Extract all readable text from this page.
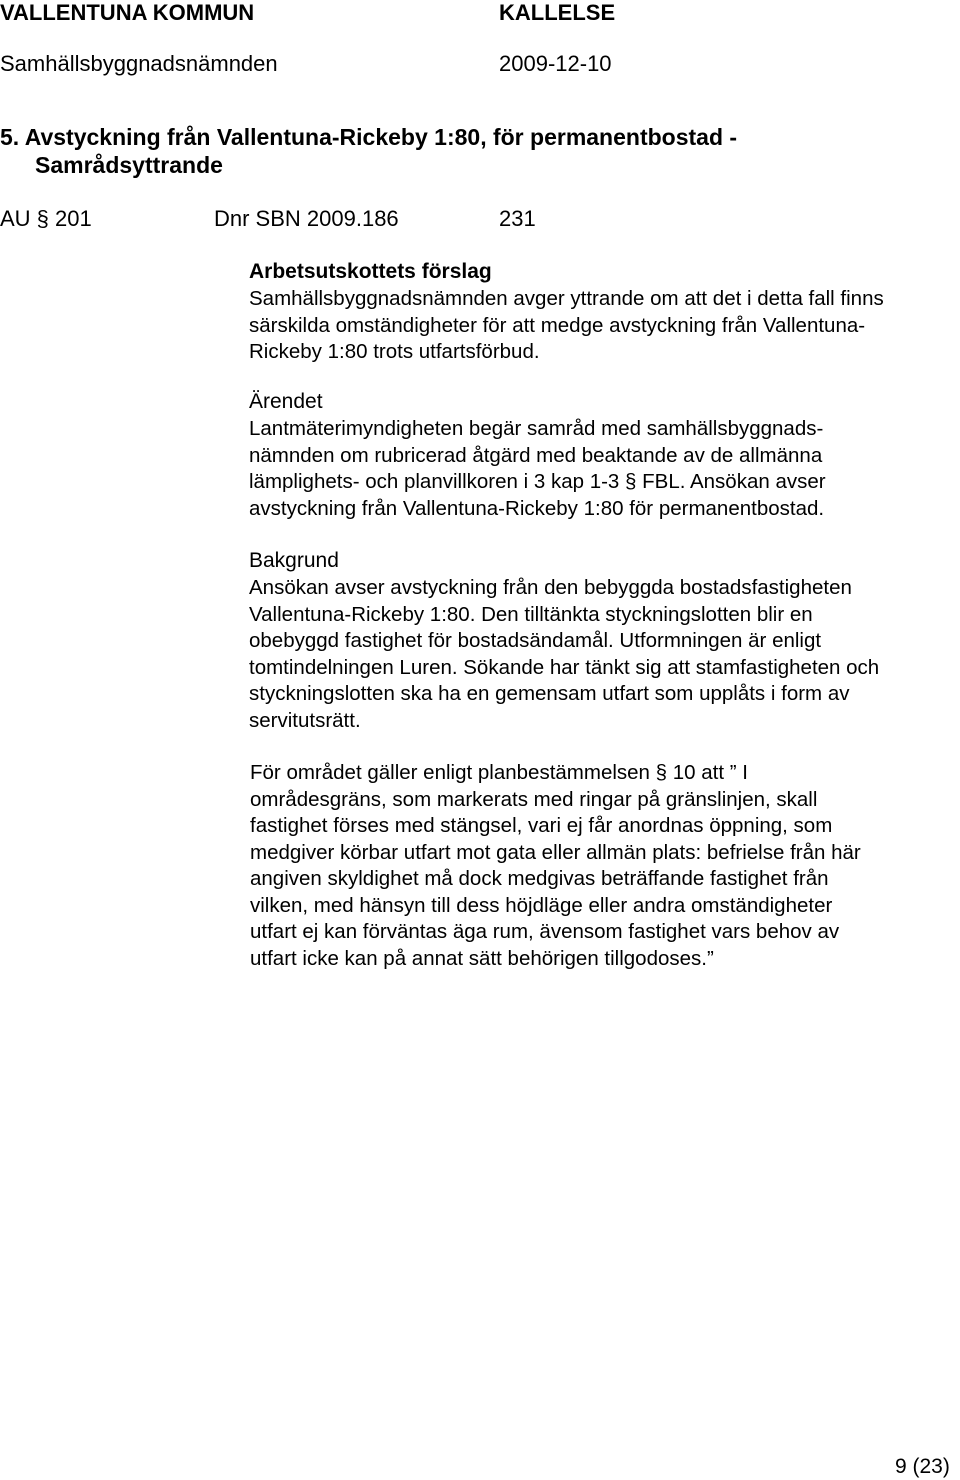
VALLENTUNA KOMMUN	KALLELSE
Samhällsbyggnadsnämnden	2009-12-10
5. Avstyckning från Vallentuna-Rickeby 1:80, för permanentbostad -
Samrådsyttrande
AU § 201	Dnr SBN 2009.186	231

Arbetsutskottets förslag

Samhällsbyggnadsnämnden avger yttrande om att det i detta fall finns
särskilda omständigheter för att medge avstyckning från Vallentuna-
Rickeby 1:80 trots utfartsförbud.

Ärendet

Lantmäterimyndigheten begär samråd med samhällsbyggnads-
nämnden om rubricerad åtgärd med beaktande av de allmänna
lämplighets- och planvillkoren i 3 kap 1-3 § FBL. Ansökan avser
avstyckning från Vallentuna-Rickeby 1:80 för permanentbostad.

Bakgrund

Ansökan avser avstyckning från den bebyggda bostadsfastigheten
Vallentuna-Rickeby 1:80. Den tilltänkta styckningslotten blir en
obebyggd fastighet för bostadsändamål. Utformningen är enligt
tomtindelningen Luren. Sökande har tänkt sig att stamfastigheten och
styckningslotten ska ha en gemensam utfart som upplåts i form av
servitutsrätt.

För området gäller enligt planbestämmelsen § 10 att ” I
områdesgräns, som markerats med ringar på gränslinjen, skall
fastighet förses med stängsel, vari ej får anordnas öppning, som
medgiver körbar utfart mot gata eller allmän plats: befrielse från här
angiven skyldighet må dock medgivas beträffande fastighet från
vilken, med hänsyn till dess höjdläge eller andra omständigheter
utfart ej kan förväntas äga rum, ävensom fastighet vars behov av
utfart icke kan på annat sätt behörigen tillgodoses.”
9 (23)
